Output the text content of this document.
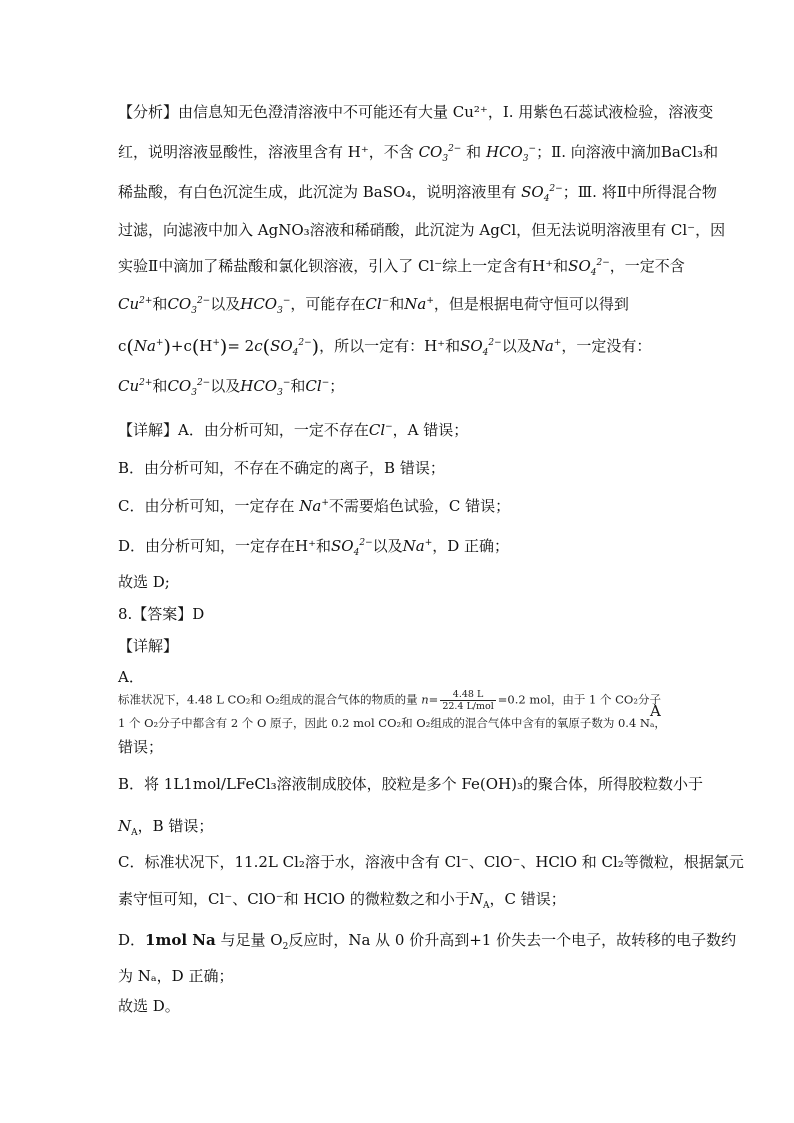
【分析】由信息知无色澄清溶液中不可能还有大量 Cu²⁺，Ⅰ. 用紫色石蕊试液检验，溶液变
红，说明溶液显酸性，溶液里含有 H⁺，不含 $CO_3^{2-}$ 和 $HCO_3^-$；Ⅱ. 向溶液中滴加BaCl₃和
稀盐酸，有白色沉淀生成，此沉淀为 BaSO₄，说明溶液里有 $SO_4^{2-}$；Ⅲ. 将Ⅱ中所得混合物
过滤，向滤液中加入 AgNO₃溶液和稀硝酸，此沉淀为 AgCl，但无法说明溶液里有 Cl⁻，因
实验Ⅱ中滴加了稀盐酸和氯化钡溶液，引入了 Cl⁻综上一定含有H⁺和$SO_4^{2-}$，一定不含
$Cu^{2+}$和$CO_3^{2-}$以及$HCO_3^-$，可能存在Cl−和Na+，但是根据电荷守恒可以得到
$c(Na^+)+c(H^+)= 2c(SO_4^{2-})$，所以一定有：H⁺和$SO_4^{2-}$以及Na+，一定没有：
$Cu^{2+}$和$CO_3^{2-}$以及$HCO_3^-$和Cl−；
【详解】A．由分析可知，一定不存在Cl−，A 错误；
B．由分析可知，不存在不确定的离子，B 错误；
C．由分析可知，一定存在 Na+不需要焰色试验，C 错误；
D．由分析可知，一定存在H⁺和$SO_4^{2-}$以及Na+，D 正确；
故选 D;
8.【答案】D
【详解】
A．
标准状况下，4.48 L CO₂和 O₂组成的混合气体的物质的量 $n= \frac{4.48 L}{\text{22.4 L/mol}} =0.2$ mol，由于 1 个 CO₂分子
A
1 个 O₂分子中都含有 2 个 O 原子，因此 0.2 mol CO₂和 O₂组成的混合气体中含有的氧原子数为 0.4 Nₐ，
错误；
B．将 1L1mol/LFeCl₃溶液制成胶体，胶粒是多个 Fe(OH)₃的聚合体，所得胶粒数小于
$N_A$，B 错误；
C．标准状况下，11.2L Cl₂溶于水，溶液中含有 Cl⁻、ClO⁻、HClO 和 Cl₂等微粒，根据氯元
素守恒可知，Cl⁻、ClO⁻和 HClO 的微粒数之和小于$N_A$，C 错误；
D．1mol Na 与足量 $O_2$反应时，Na 从 0 价升高到+1 价失去一个电子，故转移的电子数约
为 Nₐ，D 正确；
故选 D。
